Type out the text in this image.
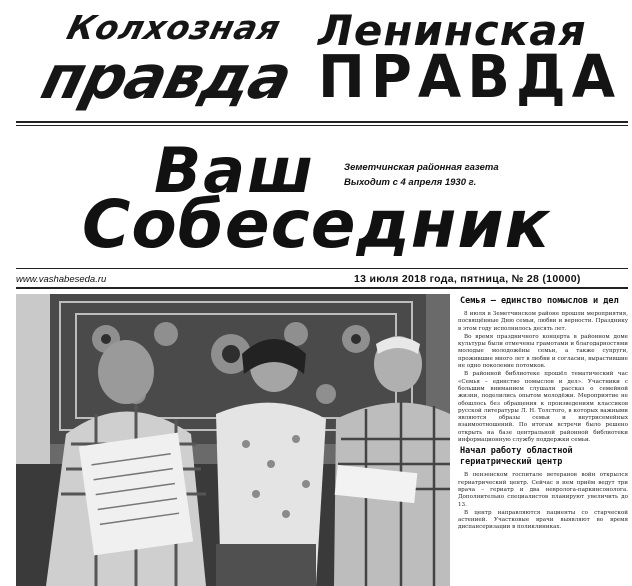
Колхозная
правда
Ленинская
ПРАВДА
Ваш
Собеседник
Земетчинская районная газета
Выходит с 4 апреля 1930 г.
www.vashabeseda.ru	13 июля 2018 года, пятница, № 28 (10000)
Семья – единство помыслов и дел

8 июля в Земетчинском районе прошли мероприятия, посвящённые Дню семьи, любви и верности. Празднику в этом году исполнилось десять лет.

Во время праздничного концерта в районном доме культуры были отмечены грамотами и благодарностями молодые молодожёны семьи, а также супруги, прожившие много лет в любви и согласии, вырастившие не одно поколение потомков.

В районной библиотеке прошёл тематический час «Семья – единство помыслов и дел». Участники с большим вниманием слушали рассказ о семейной жизни, поделились опытом молодёжи. Мероприятие не обошлось без обращения к произведениям классиков русской литературы Л. Н. Толстого, в которых важными являются образы семьи и внутрисемейных взаимоотношений. По итогам встречи было решено открыть на базе центральной районной библиотеки информационную службу поддержки семьи.

Начал работу областной гериатрический центр

В пензенском госпитале ветеранов войн открылся гериатрический центр. Сейчас в нем приём ведут три врача – гериатр и два невролога-паркинсонолога. Дополнительно специалистов планируют увеличить до 13.

В центр направляются пациенты со старческой астенией. Участковые врачи выявляют во время диспансеризации в поликлиниках.
